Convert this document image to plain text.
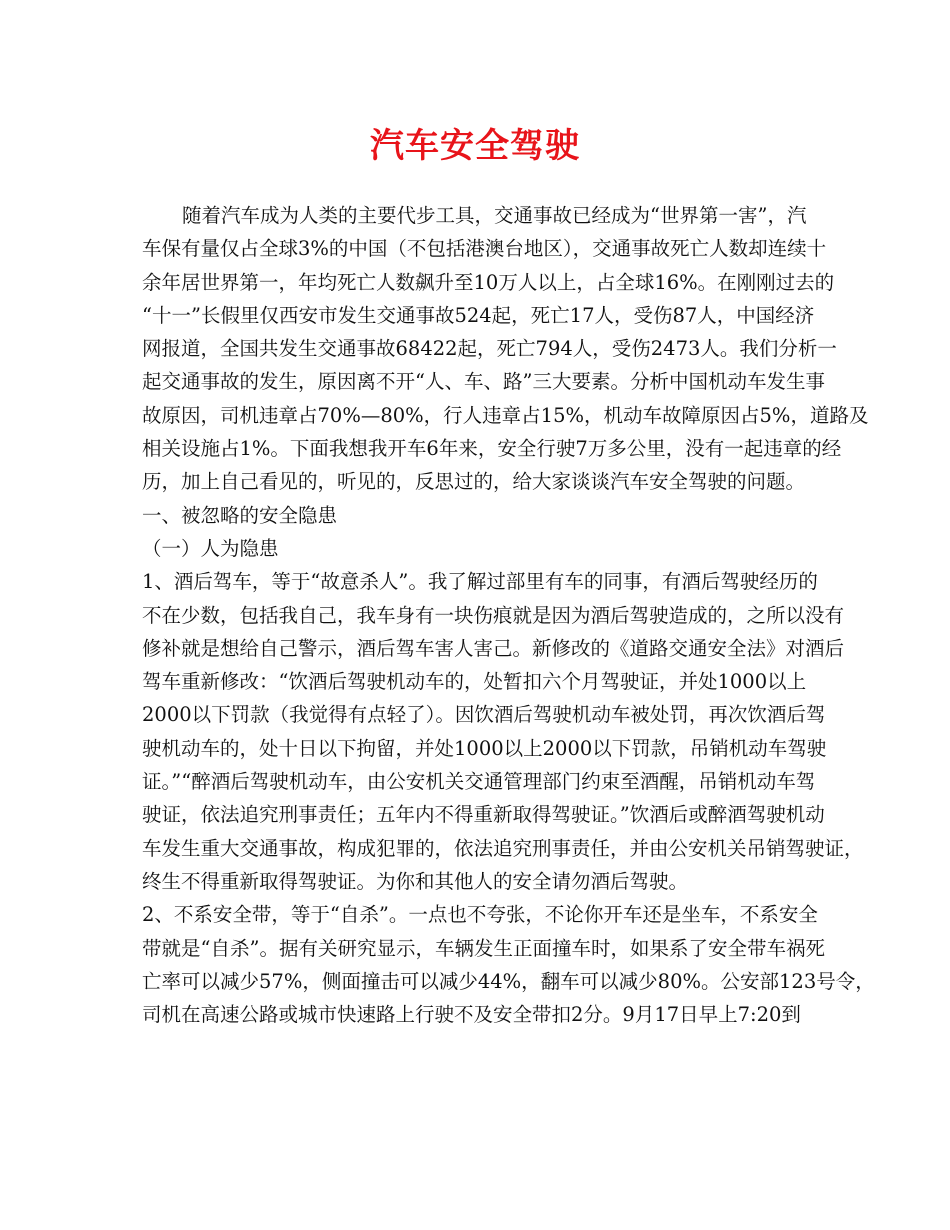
汽车安全驾驶
随着汽车成为人类的主要代步工具，交通事故已经成为“世界第一害”，汽
车保有量仅占全球3%的中国（不包括港澳台地区），交通事故死亡人数却连续十
余年居世界第一，年均死亡人数飙升至10万人以上，占全球16%。在刚刚过去的
“十一”长假里仅西安市发生交通事故524起，死亡17人，受伤87人，中国经济
网报道，全国共发生交通事故68422起，死亡794人，受伤2473人。我们分析一
起交通事故的发生，原因离不开“人、车、路”三大要素。分析中国机动车发生事
故原因，司机违章占70%—80%，行人违章占15%，机动车故障原因占5%，道路及
相关设施占1%。下面我想我开车6年来，安全行驶7万多公里，没有一起违章的经
历，加上自己看见的，听见的，反思过的，给大家谈谈汽车安全驾驶的问题。
一、被忽略的安全隐患
（一）人为隐患
1、酒后驾车，等于“故意杀人”。我了解过部里有车的同事，有酒后驾驶经历的
不在少数，包括我自己，我车身有一块伤痕就是因为酒后驾驶造成的，之所以没有
修补就是想给自己警示，酒后驾车害人害己。新修改的《道路交通安全法》对酒后
驾车重新修改：“饮酒后驾驶机动车的，处暂扣六个月驾驶证，并处1000以上
2000以下罚款（我觉得有点轻了）。因饮酒后驾驶机动车被处罚，再次饮酒后驾
驶机动车的，处十日以下拘留，并处1000以上2000以下罚款，吊销机动车驾驶
证。”“醉酒后驾驶机动车，由公安机关交通管理部门约束至酒醒，吊销机动车驾
驶证，依法追究刑事责任；五年内不得重新取得驾驶证。”饮酒后或醉酒驾驶机动
车发生重大交通事故，构成犯罪的，依法追究刑事责任，并由公安机关吊销驾驶证，
终生不得重新取得驾驶证。为你和其他人的安全请勿酒后驾驶。
2、不系安全带，等于“自杀”。一点也不夸张，不论你开车还是坐车，不系安全
带就是“自杀”。据有关研究显示，车辆发生正面撞车时，如果系了安全带车祸死
亡率可以减少57%，侧面撞击可以减少44%，翻车可以减少80%。公安部123号令，
司机在高速公路或城市快速路上行驶不及安全带扣2分。9月17日早上7:20到
